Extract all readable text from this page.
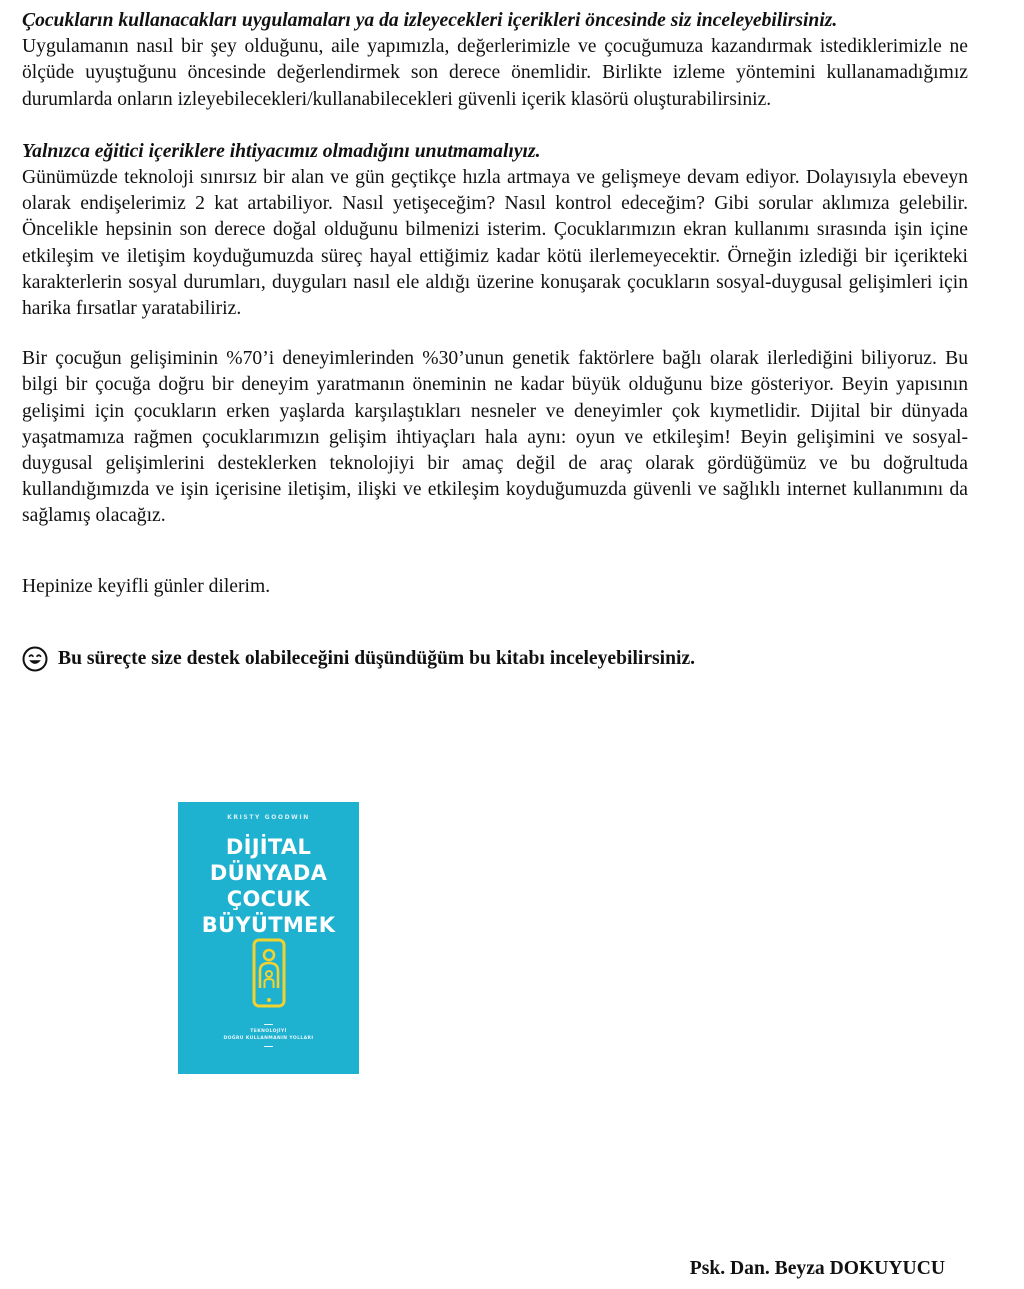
Çocukların kullanacakları uygulamaları ya da izleyecekleri içerikleri öncesinde siz inceleyebilirsiniz.

Uygulamanın nasıl bir şey olduğunu, aile yapımızla, değerlerimizle ve çocuğumuza kazandırmak istediklerimizle ne ölçüde uyuştuğunu öncesinde değerlendirmek son derece önemlidir. Birlikte izleme yöntemini kullanamadığımız durumlarda onların izleyebilecekleri/kullanabilecekleri güvenli içerik klasörü oluşturabilirsiniz.

Yalnızca eğitici içeriklere ihtiyacımız olmadığını unutmamalıyız.

Günümüzde teknoloji sınırsız bir alan ve gün geçtikçe hızla artmaya ve gelişmeye devam ediyor. Dolayısıyla ebeveyn olarak endişelerimiz 2 kat artabiliyor. Nasıl yetişeceğim? Nasıl kontrol edeceğim? Gibi sorular aklımıza gelebilir. Öncelikle hepsinin son derece doğal olduğunu bilmenizi isterim. Çocuklarımızın ekran kullanımı sırasında işin içine etkileşim ve iletişim koyduğumuzda süreç hayal ettiğimiz kadar kötü ilerlemeyecektir. Örneğin izlediği bir içerikteki karakterlerin sosyal durumları, duyguları nasıl ele aldığı üzerine konuşarak çocukların sosyal-duygusal gelişimleri için harika fırsatlar yaratabiliriz.

Bir çocuğun gelişiminin %70’i deneyimlerinden %30’unun genetik faktörlere bağlı olarak ilerlediğini biliyoruz. Bu bilgi bir çocuğa doğru bir deneyim yaratmanın öneminin ne kadar büyük olduğunu bize gösteriyor. Beyin yapısının gelişimi için çocukların erken yaşlarda karşılaştıkları nesneler ve deneyimler çok kıymetlidir. Dijital bir dünyada yaşatmamıza rağmen çocuklarımızın gelişim ihtiyaçları hala aynı: oyun ve etkileşim! Beyin gelişimini ve sosyal-duygusal gelişimlerini desteklerken teknolojiyi bir amaç değil de araç olarak gördüğümüz ve bu doğrultuda kullandığımızda ve işin içerisine iletişim, ilişki ve etkileşim koyduğumuzda güvenli ve sağlıklı internet kullanımını da sağlamış olacağız.

Hepinize keyifli günler dilerim.

Bu süreçte size destek olabileceğini düşündüğüm bu kitabı inceleyebilirsiniz.
KRISTY GOODWIN
DİJİTAL
DÜNYADA
ÇOCUK
BÜYÜTMEK
TEKNOLOJİYİ
DOĞRU KULLANMANIN YOLLARI
Psk. Dan. Beyza DOKUYUCU
